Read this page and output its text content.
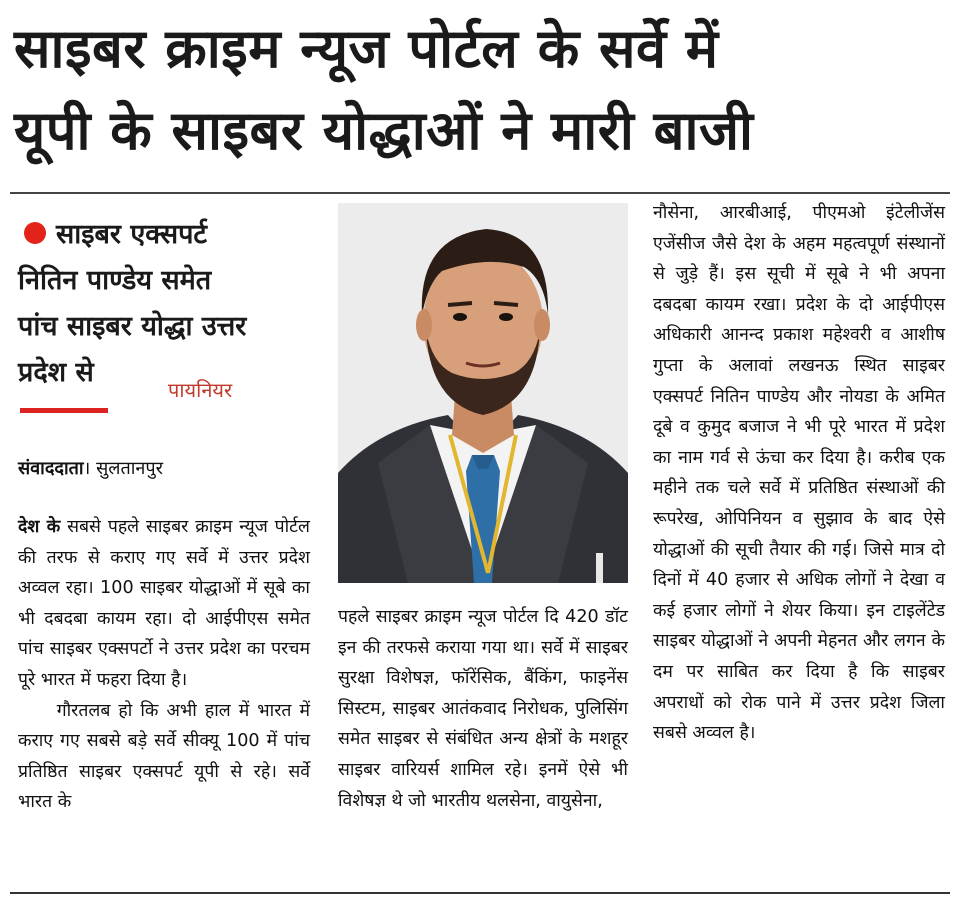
साइबर क्राइम न्यूज पोर्टल के सर्वे में
यूपी के साइबर योद्धाओं ने मारी बाजी
साइबर एक्सपर्ट
नितिन पाण्डेय समेत
पांच साइबर योद्धा उत्तर
प्रदेश से
पायनियर
संवाददाता। सुलतानपुर

देश के सबसे पहले साइबर क्राइम न्यूज पोर्टल की तरफ से कराए गए सर्वे में उत्तर प्रदेश अव्वल रहा। 100 साइबर योद्धाओं में सूबे का भी दबदबा कायम रहा। दो आईपीएस समेत पांच साइबर एक्सपर्टो ने उत्तर प्रदेश का परचम पूरे भारत में फहरा दिया है।

गौरतलब हो कि अभी हाल में भारत में कराए गए सबसे बड़े सर्वे सीक्यू 100 में पांच प्रतिष्ठित साइबर एक्सपर्ट यूपी से रहे। सर्वे भारत के

पहले साइबर क्राइम न्यूज पोर्टल दि 420 डॉट इन की तरफसे कराया गया था। सर्वे में साइबर सुरक्षा विशेषज्ञ, फॉरेंसिक, बैंकिंग, फाइनेंस सिस्टम, साइबर आतंकवाद निरोधक, पुलिसिंग समेत साइबर से संबंधित अन्य क्षेत्रों के मशहूर साइबर वारियर्स शामिल रहे। इनमें ऐसे भी विशेषज्ञ थे जो भारतीय थलसेना, वायुसेना,

नौसेना, आरबीआई, पीएमओ इंटेलीजेंस एजेंसीज जैसे देश के अहम महत्वपूर्ण संस्थानों से जुड़े हैं। इस सूची में सूबे ने भी अपना दबदबा कायम रखा। प्रदेश के दो आईपीएस अधिकारी आनन्द प्रकाश महेश्वरी व आशीष गुप्ता के अलावां लखनऊ स्थित साइबर एक्सपर्ट नितिन पाण्डेय और नोयडा के अमित दूबे व कुमुद बजाज ने भी पूरे भारत में प्रदेश का नाम गर्व से ऊंचा कर दिया है। करीब एक महीने तक चले सर्वे में प्रतिष्ठित संस्थाओं की रूपरेख, ओपिनियन व सुझाव के बाद ऐसे योद्धाओं की सूची तैयार की गई। जिसे मात्र दो दिनों में 40 हजार से अधिक लोगों ने देखा व कई हजार लोगों ने शेयर किया। इन टाइलेंटेड साइबर योद्धाओं ने अपनी मेहनत और लगन के दम पर साबित कर दिया है कि साइबर अपराधों को रोक पाने में उत्तर प्रदेश जिला सबसे अव्वल है।
